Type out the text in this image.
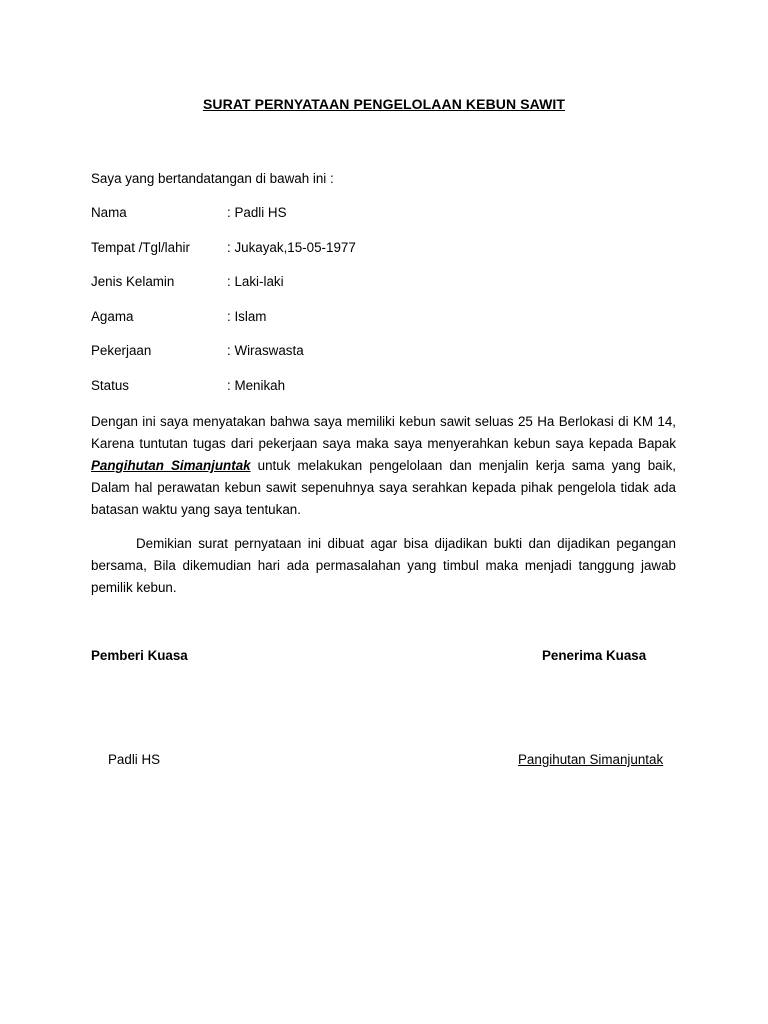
SURAT PERNYATAAN PENGELOLAAN KEBUN SAWIT
Saya yang bertandatangan di bawah ini :
Nama	: Padli HS
Tempat /Tgl/lahir	: Jukayak,15-05-1977
Jenis Kelamin	: Laki-laki
Agama	: Islam
Pekerjaan	: Wiraswasta
Status	: Menikah
Dengan ini saya menyatakan bahwa saya memiliki kebun sawit seluas 25 Ha Berlokasi di KM 14,
Karena tuntutan tugas dari pekerjaan saya maka saya menyerahkan kebun saya kepada Bapak
Pangihutan Simanjuntak untuk melakukan pengelolaan dan menjalin kerja sama yang baik,
Dalam hal perawatan kebun sawit sepenuhnya saya serahkan kepada pihak pengelola tidak ada
batasan waktu yang saya tentukan.
Demikian surat pernyataan ini dibuat agar bisa dijadikan bukti dan dijadikan pegangan
bersama, Bila dikemudian hari ada permasalahan yang timbul maka menjadi tanggung jawab
pemilik kebun.
Pemberi Kuasa	Penerima Kuasa
Padli HS	Pangihutan Simanjuntak
